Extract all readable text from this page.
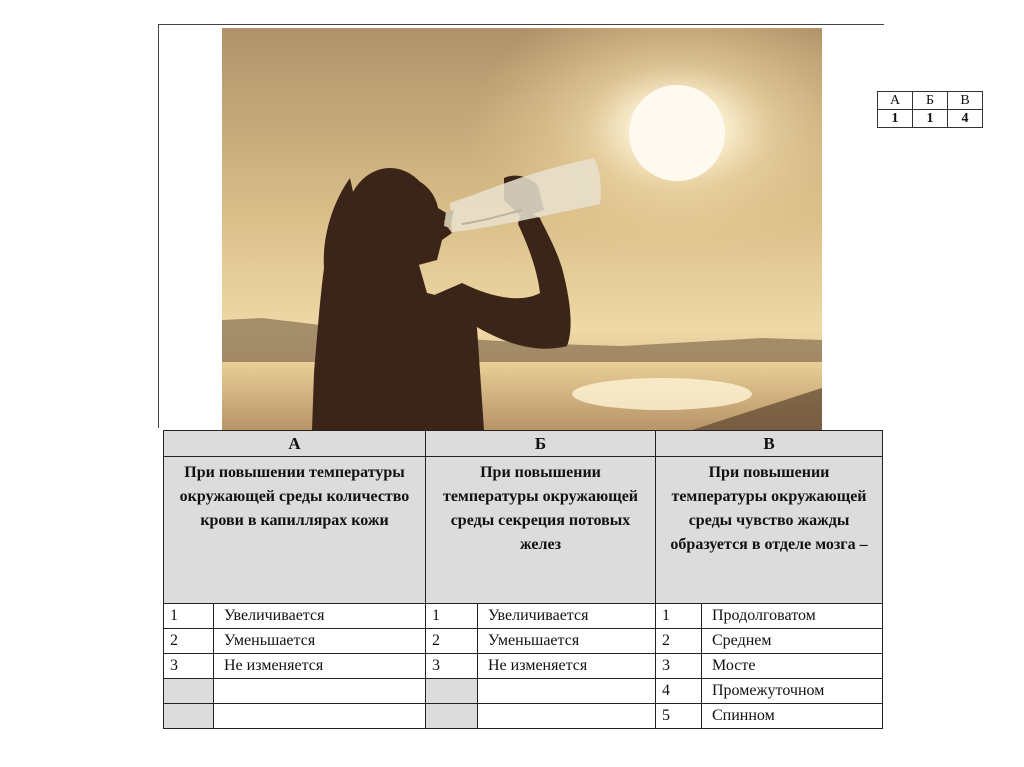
А	Б	В
1	1	4
А		Б		В	
При повышении температуры окружающей среды количество крови в капиллярах кожи		При повышении температуры окружающей среды секреция потовых желез		При повышении температуры окружающей среды чувство жажды образуется в отделе мозга –	
1	Увеличивается	1	Увеличивается	1	Продолговатом
2	Уменьшается	2	Уменьшается	2	Среднем
3	Не изменяется	3	Не изменяется	3	Мосте
				4	Промежуточном
				5	Спинном
